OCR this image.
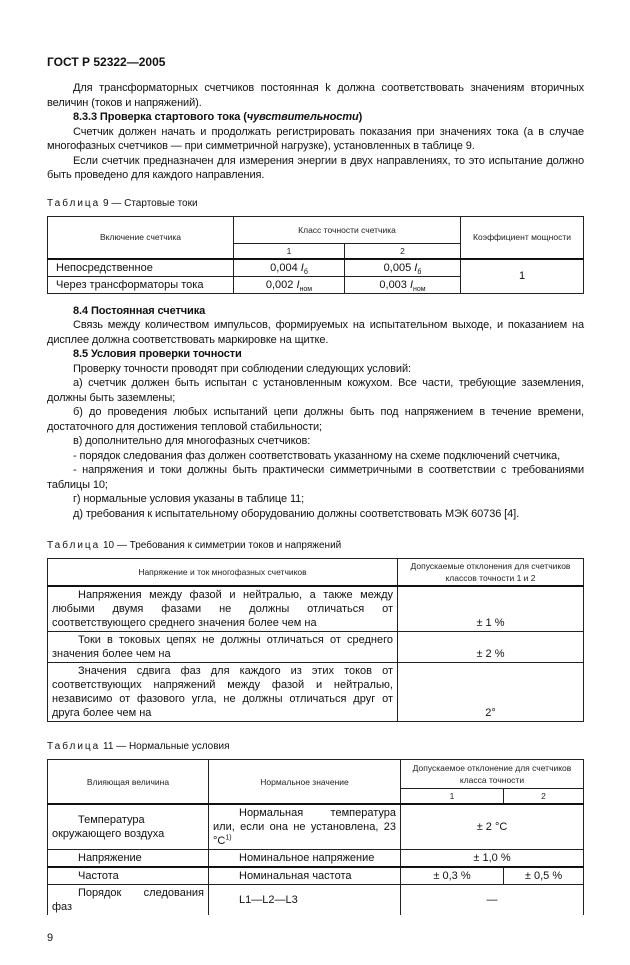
ГОСТ Р 52322—2005

Для трансформаторных счетчиков постоянная k должна соответствовать значениям вторичных величин (токов и напряжений).

8.3.3 Проверка стартового тока (чувствительности)

Счетчик должен начать и продолжать регистрировать показания при значениях тока (а в случае многофазных счетчиков — при симметричной нагрузке), установленных в таблице 9.

Если счетчик предназначен для измерения энергии в двух направлениях, то это испытание должно быть проведено для каждого направления.

Таблица 9 — Стартовые токи
Включение счетчика	Класс точности счетчика		Коэффициент мощности
	1	2	
Непосредственное	0,004 $I_б$	0,005 $I_б$	1
Через трансформаторы тока	0,002 $I_{ном}$	0,003 $I_{ном}$

8.4 Постоянная счетчика

Связь между количеством импульсов, формируемых на испытательном выходе, и показанием на дисплее должна соответствовать маркировке на щитке.

8.5 Условия проверки точности

Проверку точности проводят при соблюдении следующих условий:

а) счетчик должен быть испытан с установленным кожухом. Все части, требующие заземления, должны быть заземлены;

б) до проведения любых испытаний цепи должны быть под напряжением в течение времени, достаточного для достижения тепловой стабильности;

в) дополнительно для многофазных счетчиков:

- порядок следования фаз должен соответствовать указанному на схеме подключений счетчика,

- напряжения и токи должны быть практически симметричными в соответствии с требованиями таблицы 10;

г) нормальные условия указаны в таблице 11;

д) требования к испытательному оборудованию должны соответствовать МЭК 60736 [4].

Таблица 10 — Требования к симметрии токов и напряжений
Напряжение и ток многофазных счетчиков	Допускаемые отклонения для счетчиков классов точности 1 и 2
Напряжения между фазой и нейтралью, а также между любыми двумя фазами не должны отличаться от соответствующего среднего значения более чем на	± 1 %
Токи в токовых цепях не должны отличаться от среднего значения более чем на	± 2 %
Значения сдвига фаз для каждого из этих токов от соответствующих напряжений между фазой и нейтралью, независимо от фазового угла, не должны отличаться друг от друга более чем на	2°
Таблица 11 — Нормальные условия
Влияющая величина	Нормальное значение	Допускаемое отклонение для счетчиков класса точности	
		1	2
Температура окружающего воздуха	Нормальная температура или, если она не установлена, 23 $^\circ C^{1)}$	± 2 °C	
Напряжение	Номинальное напряжение	± 1,0 %	
Частота	Номинальная частота	± 0,3 %	± 0,5 %
Порядок следования фаз	L1—L2—L3	—	
9
